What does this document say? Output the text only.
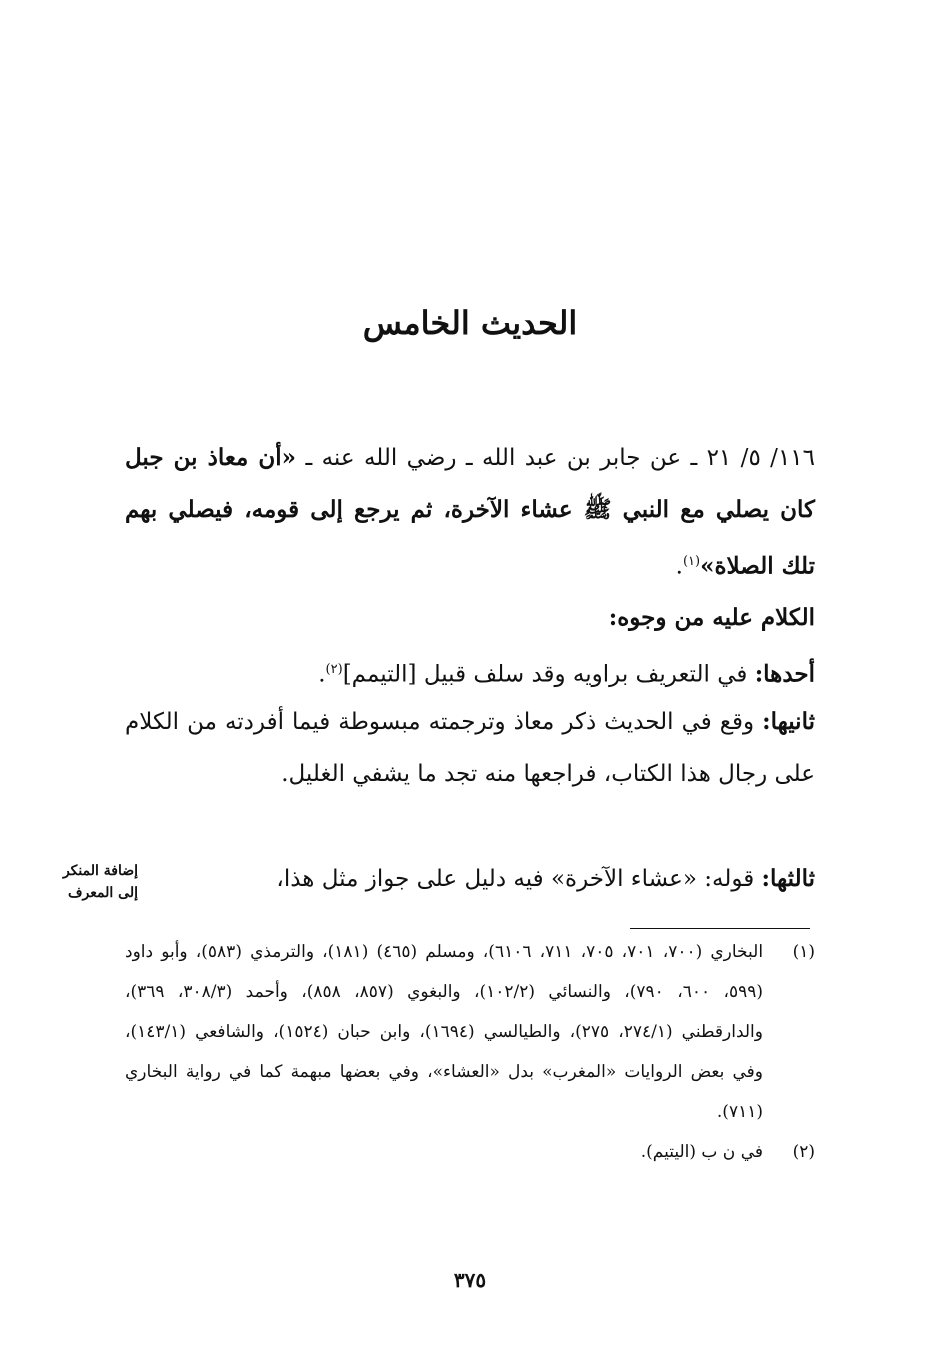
الحديث الخامس
١١٦/ ٥/ ٢١ ـ عن جابر بن عبد الله ـ رضي الله عنه ـ «أن معاذ بن جبل كان يصلي مع النبي ﷺ عشاء الآخرة، ثم يرجع إلى قومه، فيصلي بهم تلك الصلاة»$^{(١)}$.
الكلام عليه من وجوه:
أحدها: في التعريف براويه وقد سلف قبيل [التيمم]$^{(٢)}$.
ثانيها: وقع في الحديث ذكر معاذ وترجمته مبسوطة فيما أفردته من الكلام على رجال هذا الكتاب، فراجعها منه تجد ما يشفي الغليل.
ثالثها: قوله: «عشاء الآخرة» فيه دليل على جواز مثل هذا،
إضافة المنكر
إلى المعرف
(١)
البخاري (٧٠٠، ٧٠١، ٧٠٥، ٧١١، ٦١٠٦)، ومسلم (٤٦٥) (١٨١)، والترمذي (٥٨٣)، وأبو داود (٥٩٩، ٦٠٠، ٧٩٠)، والنسائي (١٠٢/٢)، والبغوي (٨٥٧، ٨٥٨)، وأحمد (٣٠٨/٣، ٣٦٩)، والدارقطني (٢٧٤/١، ٢٧٥)، والطيالسي (١٦٩٤)، وابن حبان (١٥٢٤)، والشافعي (١٤٣/١)، وفي بعض الروايات «المغرب» بدل «العشاء»، وفي بعضها مبهمة كما في رواية البخاري (٧١١).
(٢)
في ن ب (اليتيم).
٣٧٥
